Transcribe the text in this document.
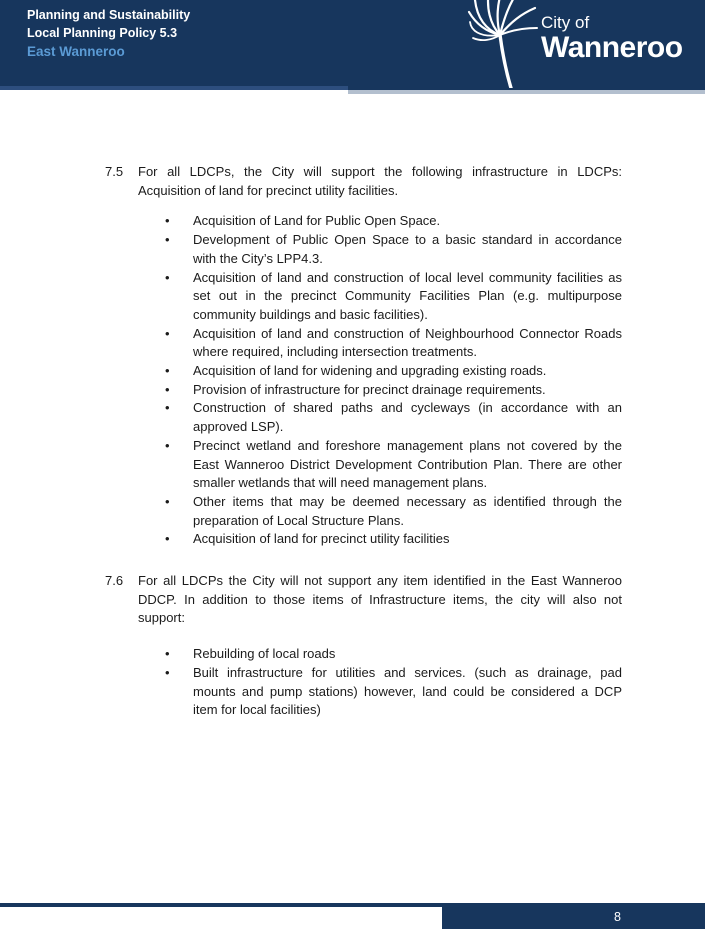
Planning and Sustainability
Local Planning Policy 5.3
East Wanneroo
City of
Wanneroo
7.5 For all LDCPs, the City will support the following infrastructure in LDCPs: Acquisition of land for precinct utility facilities.

• Acquisition of Land for Public Open Space.
• Development of Public Open Space to a basic standard in accordance with the City’s LPP4.3.
• Acquisition of land and construction of local level community facilities as set out in the precinct Community Facilities Plan (e.g. multipurpose community buildings and basic facilities).
• Acquisition of land and construction of Neighbourhood Connector Roads where required, including intersection treatments.
• Acquisition of land for widening and upgrading existing roads.
• Provision of infrastructure for precinct drainage requirements.
• Construction of shared paths and cycleways (in accordance with an approved LSP).
• Precinct wetland and foreshore management plans not covered by the East Wanneroo District Development Contribution Plan. There are other smaller wetlands that will need management plans.
• Other items that may be deemed necessary as identified through the preparation of Local Structure Plans.
• Acquisition of land for precinct utility facilities
7.6 For all LDCPs the City will not support any item identified in the East Wanneroo DDCP. In addition to those items of Infrastructure items, the city will also not support:

• Rebuilding of local roads
• Built infrastructure for utilities and services. (such as drainage, pad mounts and pump stations) however, land could be considered a DCP item for local facilities)
8
